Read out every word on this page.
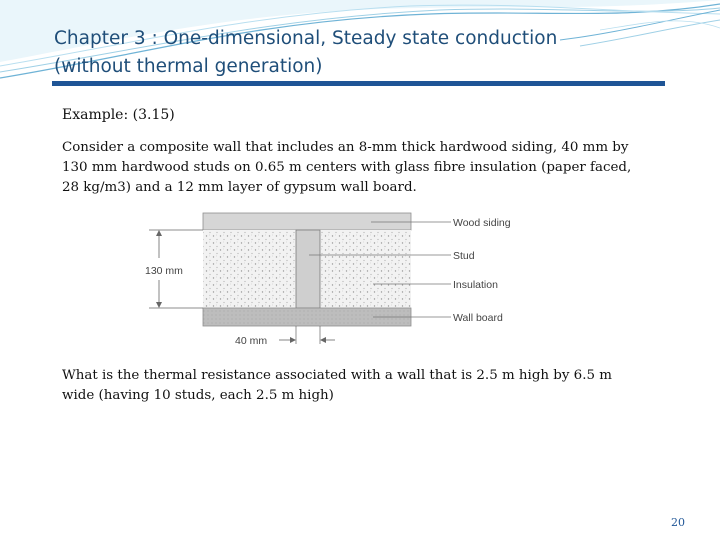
Chapter 3 : One-dimensional, Steady state conduction
(without thermal generation)
Example: (3.15)

Consider a composite wall that includes an 8-mm thick hardwood siding, 40 mm by 130 mm hardwood studs on 0.65 m centers with glass fibre insulation (paper faced, 28 kg/m3) and a 12 mm layer of gypsum wall board.

130 mm
40 mm
Wood siding
Stud
Insulation
Wall board

What is the thermal resistance associated with a wall that is 2.5 m high by 6.5 m wide (having 10 studs, each 2.5 m high)

20
